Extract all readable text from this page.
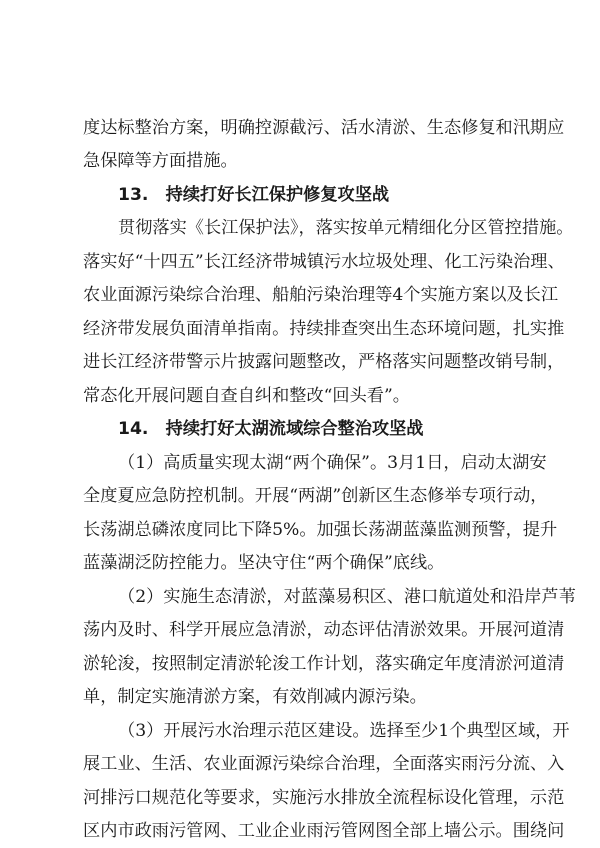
度达标整治方案，明确控源截污、活水清淤、生态修复和汛期应
急保障等方面措施。
13.　持续打好长江保护修复攻坚战
贯彻落实《长江保护法》，落实按单元精细化分区管控措施。
落实好“十四五”长江经济带城镇污水垃圾处理、化工污染治理、
农业面源污染综合治理、船舶污染治理等4个实施方案以及长江
经济带发展负面清单指南。持续排查突出生态环境问题，扎实推
进长江经济带警示片披露问题整改，严格落实问题整改销号制，
常态化开展问题自查自纠和整改“回头看”。
14.　持续打好太湖流域综合整治攻坚战
（1）高质量实现太湖“两个确保”。3月1日，启动太湖安
全度夏应急防控机制。开展“两湖”创新区生态修举专项行动，
长荡湖总磷浓度同比下降5%。加强长荡湖蓝藻监测预警，提升
蓝藻湖泛防控能力。坚决守住“两个确保”底线。
（2）实施生态清淤，对蓝藻易积区、港口航道处和沿岸芦苇
荡内及时、科学开展应急清淤，动态评估清淤效果。开展河道清
淤轮浚，按照制定清淤轮浚工作计划，落实确定年度清淤河道清
单，制定实施清淤方案，有效削减内源污染。
（3）开展污水治理示范区建设。选择至少1个典型区域，开
展工业、生活、农业面源污染综合治理，全面落实雨污分流、入
河排污口规范化等要求，实施污水排放全流程标设化管理，示范
区内市政雨污管网、工业企业雨污管网图全部上墙公示。围绕问
